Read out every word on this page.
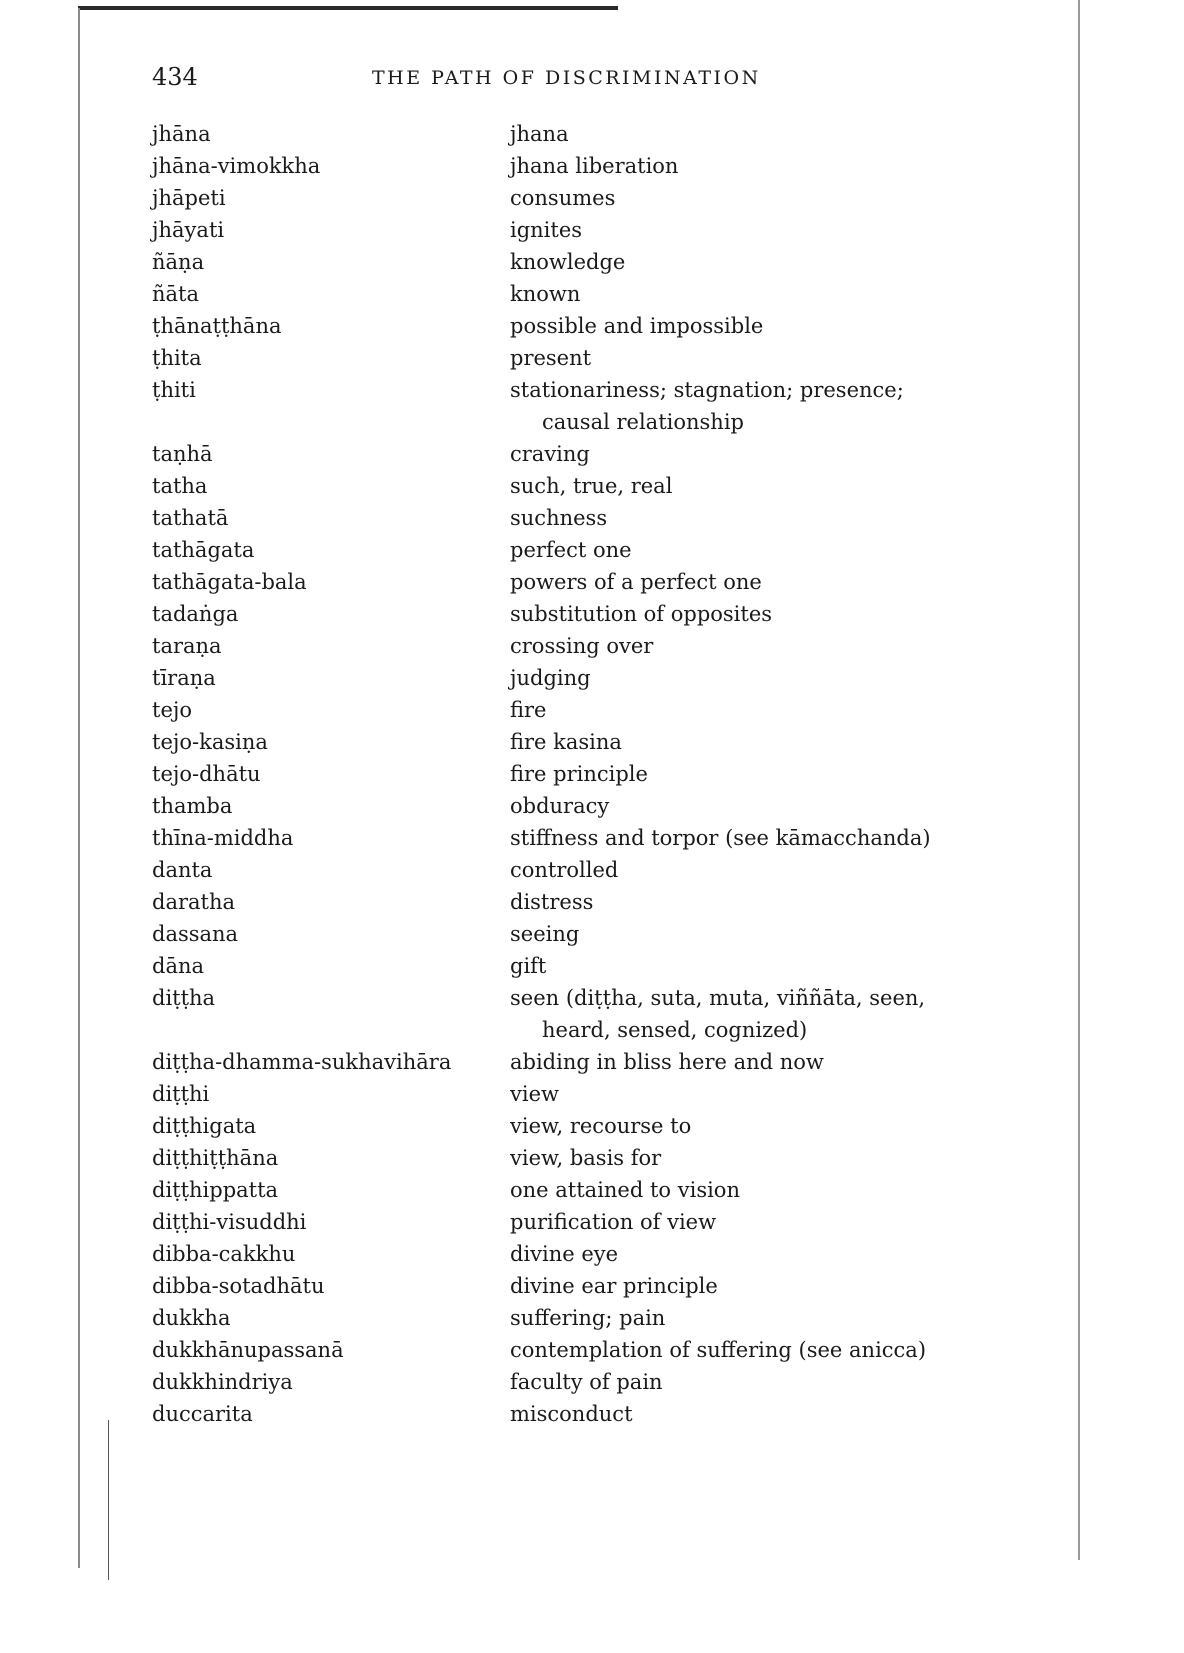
434	THE PATH OF DISCRIMINATION
jhāna	jhana
jhāna-vimokkha	jhana liberation
jhāpeti	consumes
jhāyati	ignites
ñāṇa	knowledge
ñāta	known
ṭhānaṭṭhāna	possible and impossible
ṭhita	present
ṭhiti	stationariness; stagnation; presence;
causal relationship
taṇhā	craving
tatha	such, true, real
tathatā	suchness
tathāgata	perfect one
tathāgata-bala	powers of a perfect one
tadaṅga	substitution of opposites
taraṇa	crossing over
tīraṇa	judging
tejo	fire
tejo-kasiṇa	fire kasina
tejo-dhātu	fire principle
thamba	obduracy
thīna-middha	stiffness and torpor (see kāmacchanda)
danta	controlled
daratha	distress
dassana	seeing
dāna	gift
diṭṭha	seen (diṭṭha, suta, muta, viññāta, seen,
heard, sensed, cognized)
diṭṭha-dhamma-sukhavihāra	abiding in bliss here and now
diṭṭhi	view
diṭṭhigata	view, recourse to
diṭṭhiṭṭhāna	view, basis for
diṭṭhippatta	one attained to vision
diṭṭhi-visuddhi	purification of view
dibba-cakkhu	divine eye
dibba-sotadhātu	divine ear principle
dukkha	suffering; pain
dukkhānupassanā	contemplation of suffering (see anicca)
dukkhindriya	faculty of pain
duccarita	misconduct
